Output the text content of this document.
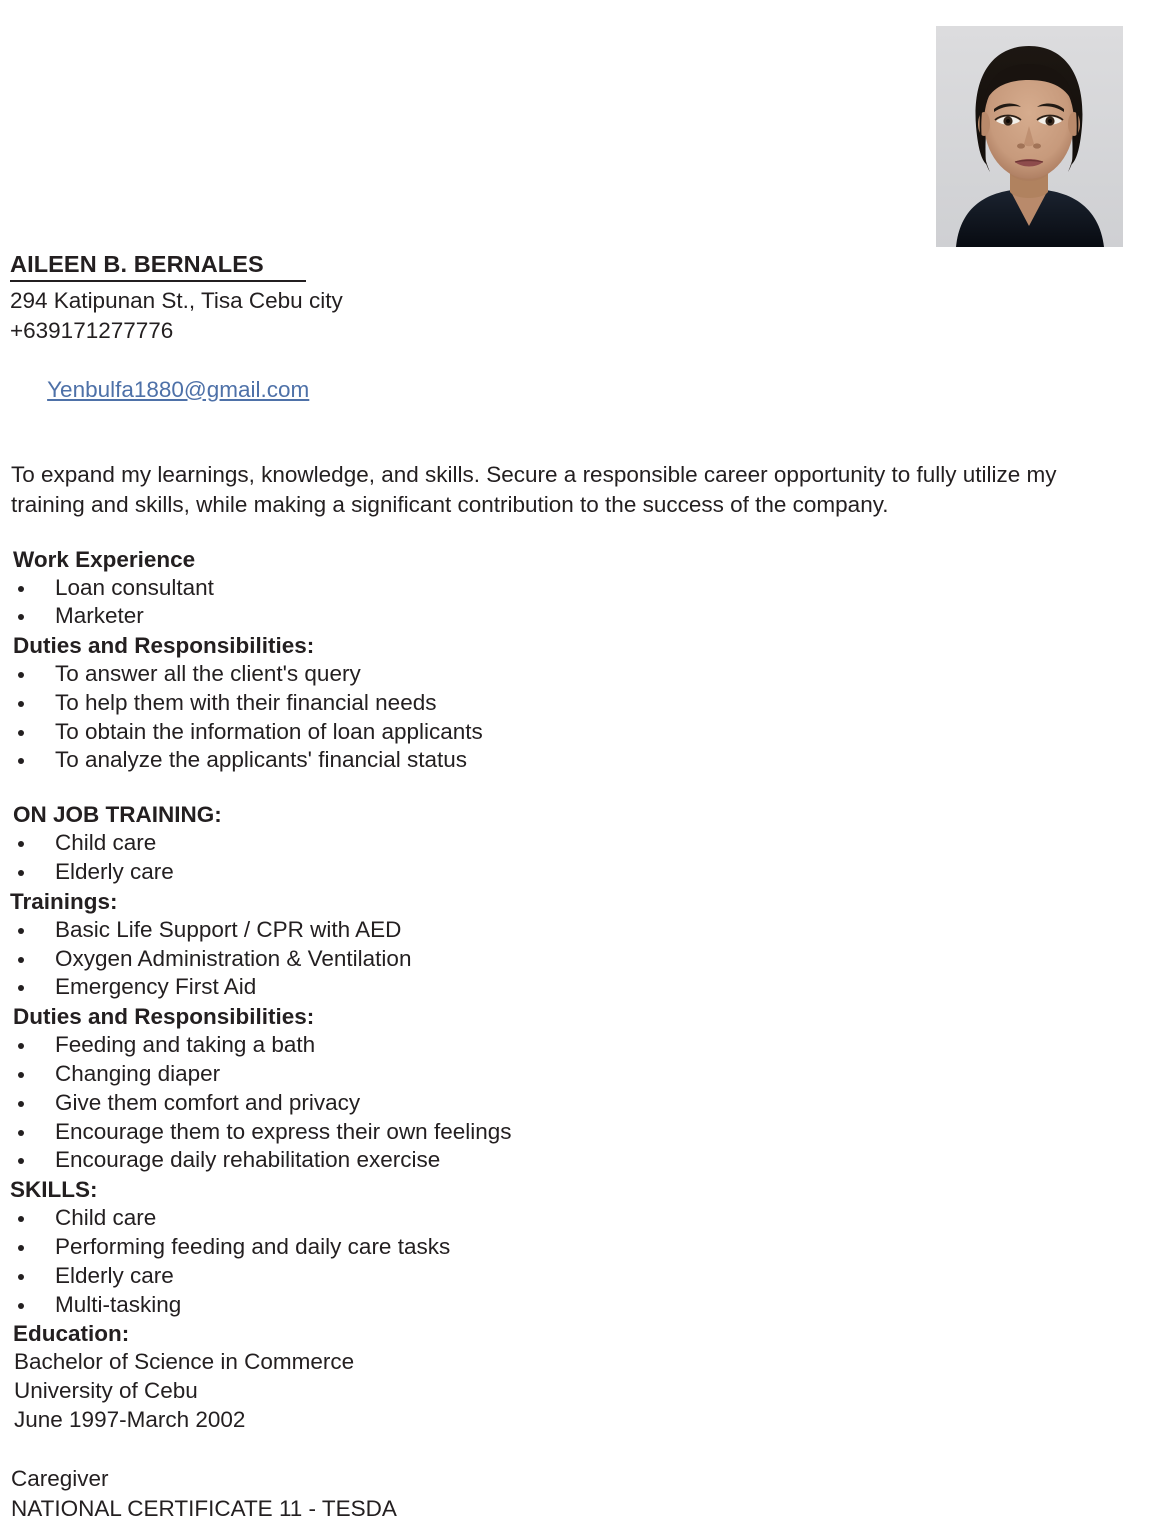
AILEEN B. BERNALES
294 Katipunan St., Tisa Cebu city
+639171277776

Yenbulfa1880@gmail.com

To expand my learnings, knowledge, and skills. Secure a responsible career opportunity to fully utilize my training and skills, while making a significant contribution to the success of the company.

Work Experience
Loan consultant
Marketer
Duties and Responsibilities:
To answer all the client's query
To help them with their financial needs
To obtain the information of loan applicants
To analyze the applicants' financial status
ON JOB TRAINING:
Child care
Elderly care
Trainings:
Basic Life Support / CPR with AED
Oxygen Administration & Ventilation
Emergency First Aid
Duties and Responsibilities:
Feeding and taking a bath
Changing diaper
Give them comfort and privacy
Encourage them to express their own feelings
Encourage daily rehabilitation exercise
SKILLS:
Child care
Performing feeding and daily care tasks
Elderly care
Multi-tasking
Education:
Bachelor of Science in Commerce
University of Cebu
June 1997-March 2002
Caregiver
NATIONAL CERTIFICATE 11 - TESDA
